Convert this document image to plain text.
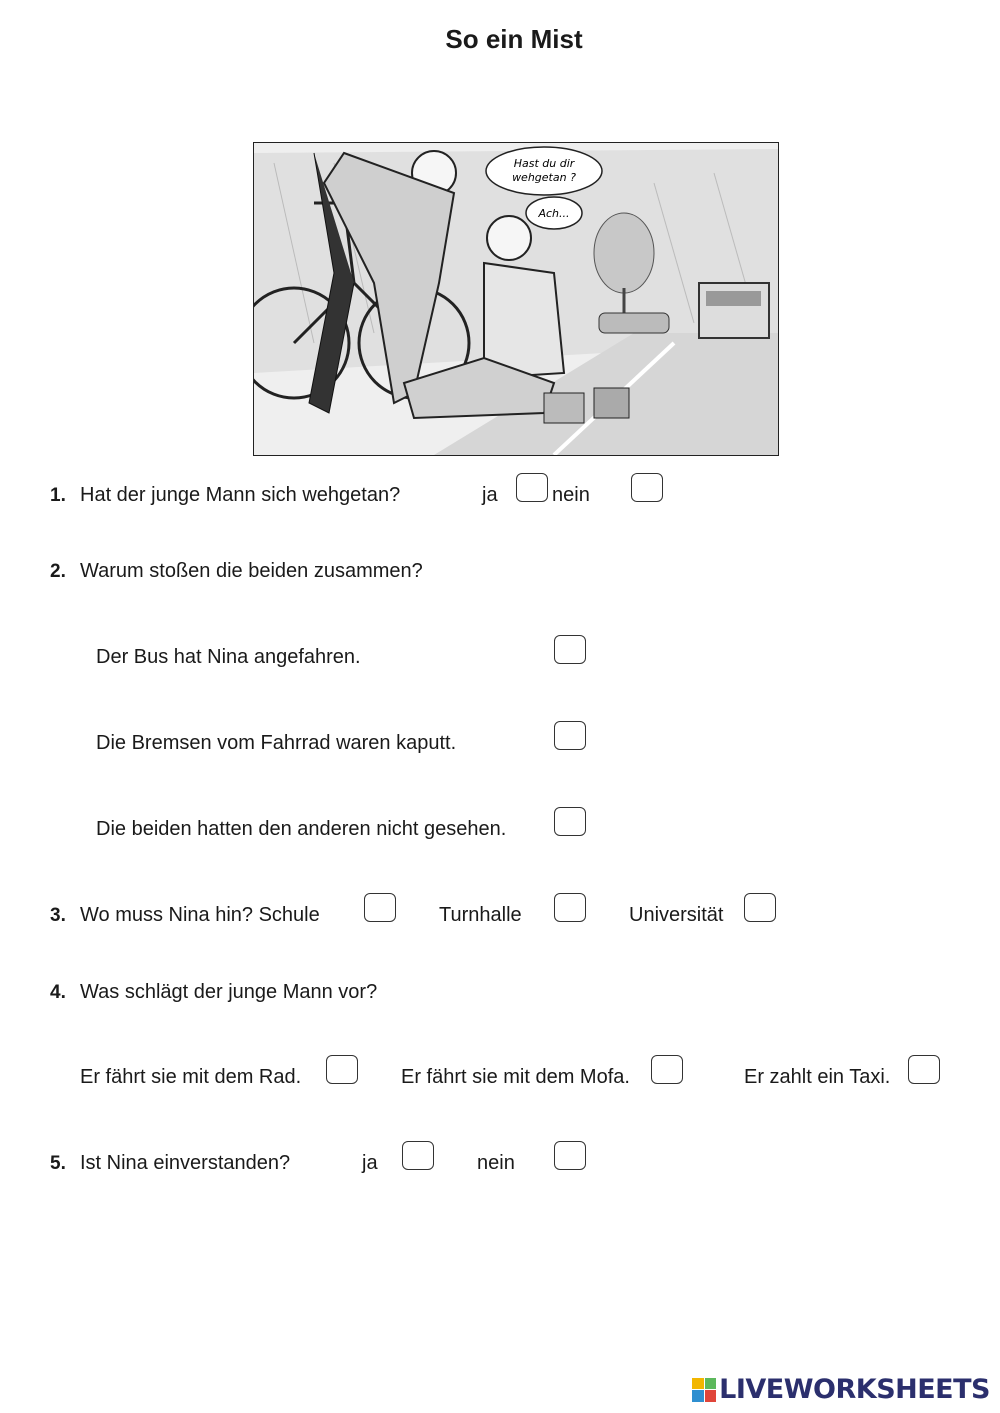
So ein Mist
Hast du dir
wehgetan ?
Ach...
1. Hat der junge Mann sich wehgetan?	ja	nein
2. Warum stoßen die beiden zusammen?
Der Bus hat Nina angefahren.
Die Bremsen vom Fahrrad waren kaputt.
Die beiden hatten den anderen nicht gesehen.
3. Wo muss Nina hin? Schule	Turnhalle	Universität
4. Was schlägt der junge Mann vor?
Er fährt sie mit dem Rad.	Er fährt sie mit dem Mofa.	Er zahlt ein Taxi.
5. Ist Nina einverstanden?	ja	nein
LIVEWORKSHEETS
